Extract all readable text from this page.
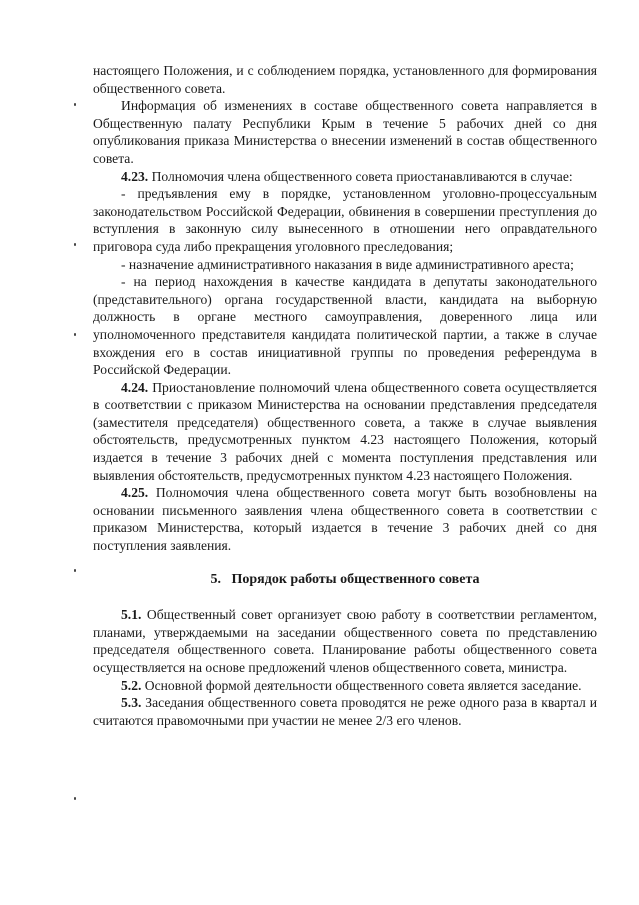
настоящего Положения, и с соблюдением порядка, установленного для формирования общественного совета.

Информация об изменениях в составе общественного совета направляется в Общественную палату Республики Крым в течение 5 рабочих дней со дня опубликования приказа Министерства о внесении изменений в состав общественного совета.

4.23. Полномочия члена общественного совета приостанавливаются в случае:

- предъявления ему в порядке, установленном уголовно-процессуальным законодательством Российской Федерации, обвинения в совершении преступления до вступления в законную силу вынесенного в отношении него оправдательного приговора суда либо прекращения уголовного преследования;

- назначение административного наказания в виде административного ареста;

- на период нахождения в качестве кандидата в депутаты законодательного (представительного) органа государственной власти, кандидата на выборную должность в органе местного самоуправления, доверенного лица или уполномоченного представителя кандидата политической партии, а также в случае вхождения его в состав инициативной группы по проведения референдума в Российской Федерации.

4.24. Приостановление полномочий члена общественного совета осуществляется в соответствии с приказом Министерства на основании представления председателя (заместителя председателя) общественного совета, а также в случае выявления обстоятельств, предусмотренных пунктом 4.23 настоящего Положения, который издается в течение 3 рабочих дней с момента поступления представления или выявления обстоятельств, предусмотренных пунктом 4.23 настоящего Положения.

4.25. Полномочия члена общественного совета могут быть возобновлены на основании письменного заявления члена общественного совета в соответствии с приказом Министерства, который издается в течение 3 рабочих дней со дня поступления заявления.

5. Порядок работы общественного совета

5.1. Общественный совет организует свою работу в соответствии регламентом, планами, утверждаемыми на заседании общественного совета по представлению председателя общественного совета. Планирование работы общественного совета осуществляется на основе предложений членов общественного совета, министра.

5.2. Основной формой деятельности общественного совета является заседание.

5.3. Заседания общественного совета проводятся не реже одного раза в квартал и считаются правомочными при участии не менее 2/3 его членов.
